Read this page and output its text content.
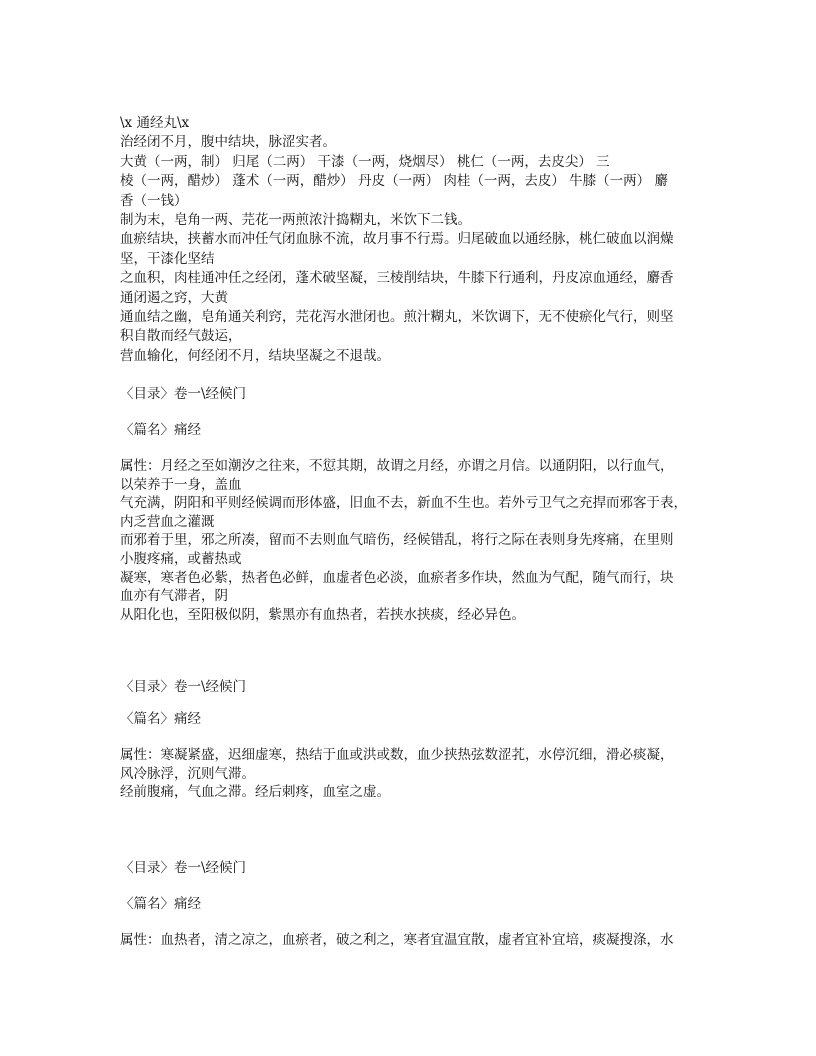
\x 通经丸\x
治经闭不月，腹中结块，脉涩实者。
大黄（一两，制） 归尾（二两） 干漆（一两，烧烟尽） 桃仁（一两，去皮尖） 三
棱（一两，醋炒） 蓬术（一两，醋炒） 丹皮（一两） 肉桂（一两，去皮） 牛膝（一两） 麝
香（一钱）
制为末，皂角一两、芫花一两煎浓汁捣糊丸，米饮下二钱。
血瘀结块，挟蓄水而冲任气闭血脉不流，故月事不行焉。归尾破血以通经脉，桃仁破血以润燥
坚，干漆化坚结
之血积，肉桂通冲任之经闭，蓬术破坚凝，三棱削结块，牛膝下行通利，丹皮凉血通经，麝香
通闭遏之窍，大黄
通血结之幽，皂角通关利窍，芫花泻水泄闭也。煎汁糊丸，米饮调下，无不使瘀化气行，则坚
积自散而经气鼓运，
营血输化，何经闭不月，结块坚凝之不退哉。
〈目录〉卷一\经候门
〈篇名〉痛经
属性：月经之至如潮汐之往来，不愆其期，故谓之月经，亦谓之月信。以通阴阳，以行血气，
以荣养于一身，盖血
气充满，阴阳和平则经候调而形体盛，旧血不去，新血不生也。若外亏卫气之充捍而邪客于表，
内乏营血之灌溉
而邪着于里，邪之所凑，留而不去则血气暗伤，经候错乱，将行之际在表则身先疼痛，在里则
小腹疼痛，或蓄热或
凝寒，寒者色必紫，热者色必鲜，血虚者色必淡，血瘀者多作块，然血为气配，随气而行，块
血亦有气滞者，阴
从阳化也，至阳极似阴，紫黑亦有血热者，若挟水挟痰，经必异色。
〈目录〉卷一\经候门
〈篇名〉痛经
属性：寒凝紧盛，迟细虚寒，热结于血或洪或数，血少挟热弦数涩芤，水停沉细，滑必痰凝，
风冷脉浮，沉则气滞。
经前腹痛，气血之滞。经后刺疼，血室之虚。
〈目录〉卷一\经候门
〈篇名〉痛经
属性：血热者，清之凉之，血瘀者，破之利之，寒者宜温宜散，虚者宜补宜培，痰凝搜涤，水
